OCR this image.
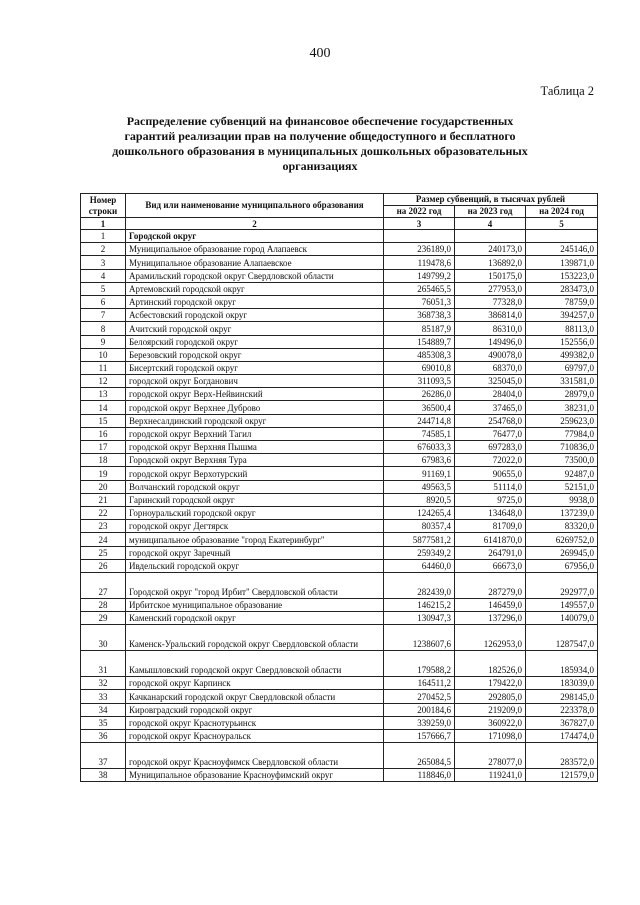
400
Таблица 2
Распределение субвенций на финансовое обеспечение государственных гарантий реализации прав на получение общедоступного и бесплатного дошкольного образования в муниципальных дошкольных образовательных организациях
Номер строки	Вид или наименование муниципального образования	Размер субвенций, в тысячах рублей		
		на 2022 год	на 2023 год	на 2024 год
1	2	3	4	5
1	Городской округ			
2	Муниципальное образование город Алапаевск	236189,0	240173,0	245146,0
3	Муниципальное образование Алапаевское	119478,6	136892,0	139871,0
4	Арамильский городской округ Свердловской области	149799,2	150175,0	153223,0
5	Артемовский городской округ	265465,5	277953,0	283473,0
6	Артинский городской округ	76051,3	77328,0	78759,0
7	Асбестовский городской округ	368738,3	386814,0	394257,0
8	Ачитский городской округ	85187,9	86310,0	88113,0
9	Белоярский городской округ	154889,7	149496,0	152556,0
10	Березовский городской округ	485308,3	490078,0	499382,0
11	Бисертский городской округ	69010,8	68370,0	69797,0
12	городской округ Богданович	311093,5	325045,0	331581,0
13	городской округ Верх-Нейвинский	26286,0	28404,0	28979,0
14	городской округ Верхнее Дуброво	36500,4	37465,0	38231,0
15	Верхнесалдинский городской округ	244714,8	254768,0	259623,0
16	городской округ Верхний Тагил	74585,1	76477,0	77984,0
17	городской округ Верхняя Пышма	676033,3	697283,0	710836,0
18	Городской округ Верхняя Тура	67983,6	72022,0	73500,0
19	городской округ Верхотурский	91169,1	90655,0	92487,0
20	Волчанский городской округ	49563,5	51114,0	52151,0
21	Гаринский городской округ	8920,5	9725,0	9938,0
22	Горноуральский городской округ	124265,4	134648,0	137239,0
23	городской округ Дегтярск	80357,4	81709,0	83320,0
24	муниципальное образование "город Екатеринбург"	5877581,2	6141870,0	6269752,0
25	городской округ Заречный	259349,2	264791,0	269945,0
26	Ивдельский городской округ	64460,0	66673,0	67956,0
27	Городской округ "город Ирбит" Свердловской области	282439,0	287279,0	292977,0
28	Ирбитское муниципальное образование	146215,2	146459,0	149557,0
29	Каменский городской округ	130947,3	137296,0	140079,0
30	Каменск-Уральский городской округ Свердловской области	1238607,6	1262953,0	1287547,0
31	Камышловский городской округ Свердловской области	179588,2	182526,0	185934,0
32	городской округ Карпинск	164511,2	179422,0	183039,0
33	Качканарский городской округ Свердловской области	270452,5	292805,0	298145,0
34	Кировградский городской округ	200184,6	219209,0	223378,0
35	городской округ Краснотурьинск	339259,0	360922,0	367827,0
36	городской округ Красноуральск	157666,7	171098,0	174474,0
37	городской округ Красноуфимск Свердловской области	265084,5	278077,0	283572,0
38	Муниципальное образование Красноуфимский округ	118846,0	119241,0	121579,0
